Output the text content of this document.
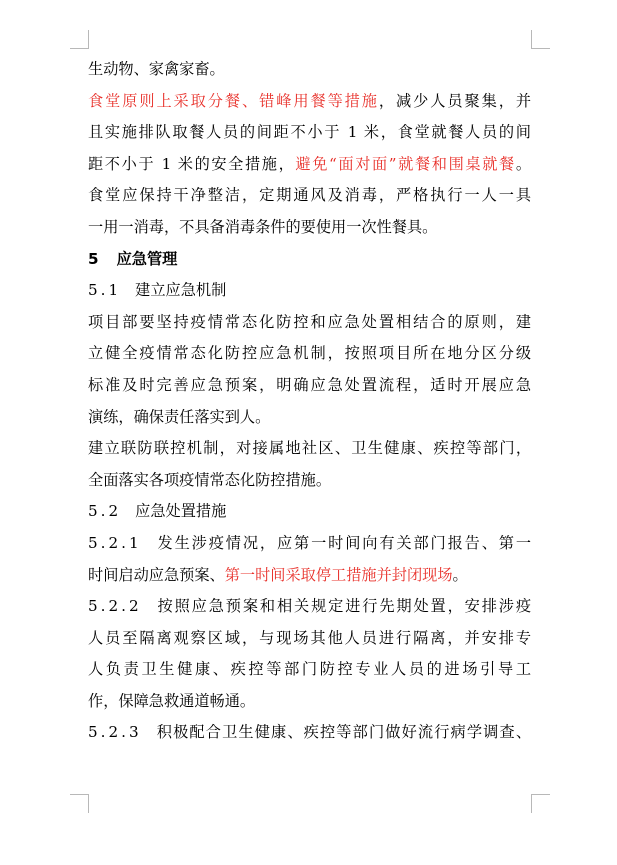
生动物、家禽家畜。
食堂原则上采取分餐、错峰用餐等措施，减少人员聚集，并
且实施排队取餐人员的间距不小于 1 米，食堂就餐人员的间
距不小于 1 米的安全措施，避免“面对面”就餐和围桌就餐。
食堂应保持干净整洁，定期通风及消毒，严格执行一人一具
一用一消毒，不具备消毒条件的要使用一次性餐具。
5 应急管理
5.1 建立应急机制
项目部要坚持疫情常态化防控和应急处置相结合的原则，建
立健全疫情常态化防控应急机制，按照项目所在地分区分级
标准及时完善应急预案，明确应急处置流程，适时开展应急
演练，确保责任落实到人。
建立联防联控机制，对接属地社区、卫生健康、疾控等部门，
全面落实各项疫情常态化防控措施。
5.2 应急处置措施
5.2.1 发生涉疫情况，应第一时间向有关部门报告、第一
时间启动应急预案、第一时间采取停工措施并封闭现场。
5.2.2 按照应急预案和相关规定进行先期处置，安排涉疫
人员至隔离观察区域，与现场其他人员进行隔离，并安排专
人负责卫生健康、疾控等部门防控专业人员的进场引导工
作，保障急救通道畅通。
5.2.3 积极配合卫生健康、疾控等部门做好流行病学调查、
